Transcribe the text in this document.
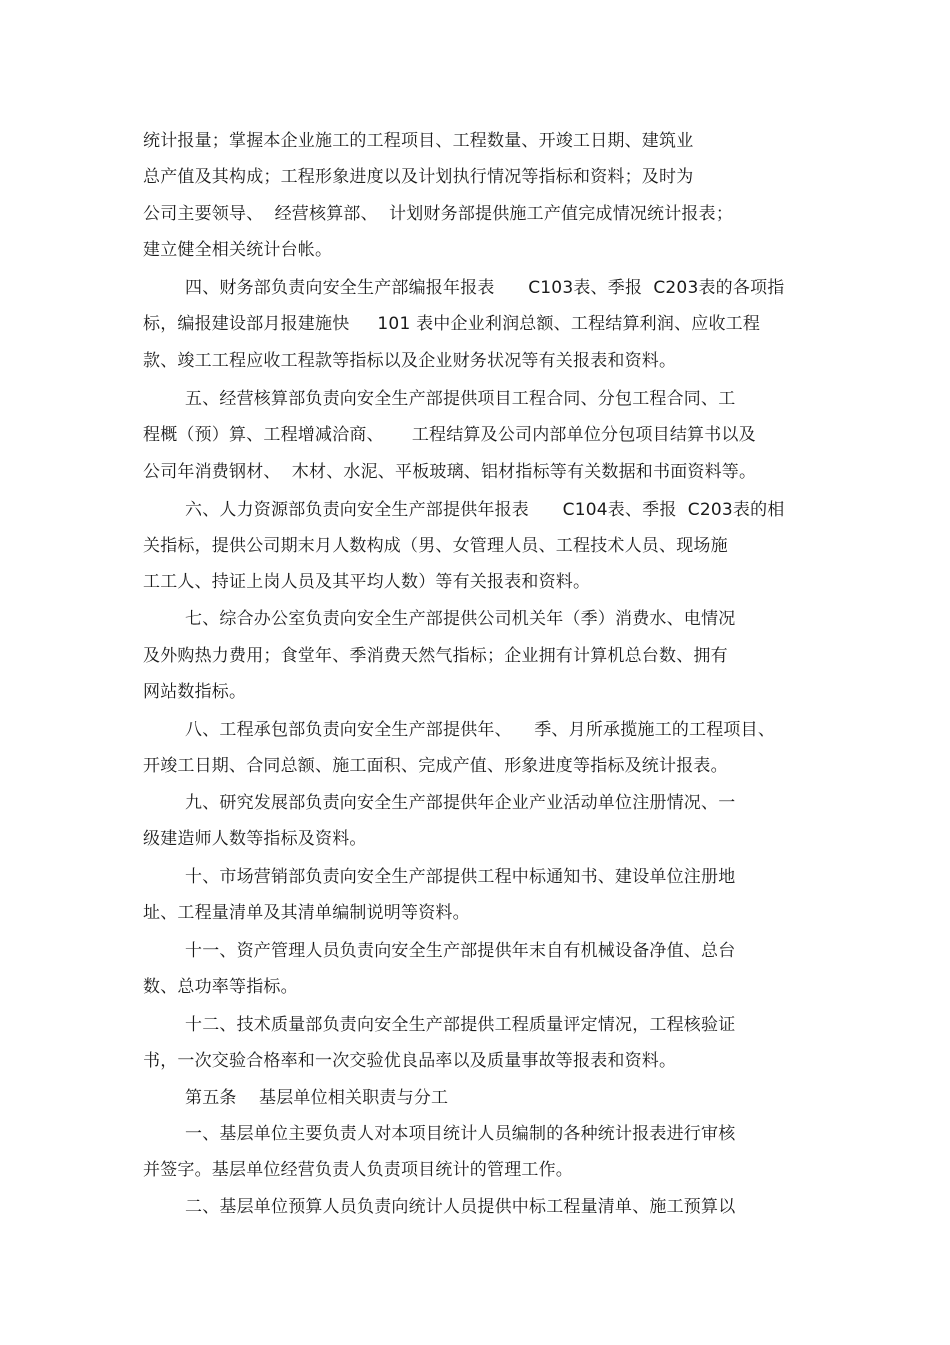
统计报量；掌握本企业施工的工程项目、工程数量、开竣工日期、建筑业
总产值及其构成；工程形象进度以及计划执行情况等指标和资料；及时为
公司主要领导、  经营核算部、  计划财务部提供施工产值完成情况统计报表；
建立健全相关统计台帐。
四、财务部负责向安全生产部编报年报表      C103表、季报  C203表的各项指
标，编报建设部月报建施快     101 表中企业利润总额、工程结算利润、应收工程
款、竣工工程应收工程款等指标以及企业财务状况等有关报表和资料。
五、经营核算部负责向安全生产部提供项目工程合同、分包工程合同、工
程概（预）算、工程增减洽商、     工程结算及公司内部单位分包项目结算书以及
公司年消费钢材、  木材、水泥、平板玻璃、铝材指标等有关数据和书面资料等。
六、人力资源部负责向安全生产部提供年报表      C104表、季报  C203表的相
关指标，提供公司期末月人数构成（男、女管理人员、工程技术人员、现场施
工工人、持证上岗人员及其平均人数）等有关报表和资料。
七、综合办公室负责向安全生产部提供公司机关年（季）消费水、电情况
及外购热力费用；食堂年、季消费天然气指标；企业拥有计算机总台数、拥有
网站数指标。
八、工程承包部负责向安全生产部提供年、    季、月所承揽施工的工程项目、
开竣工日期、合同总额、施工面积、完成产值、形象进度等指标及统计报表。
九、研究发展部负责向安全生产部提供年企业产业活动单位注册情况、一
级建造师人数等指标及资料。
十、市场营销部负责向安全生产部提供工程中标通知书、建设单位注册地
址、工程量清单及其清单编制说明等资料。
十一、资产管理人员负责向安全生产部提供年末自有机械设备净值、总台
数、总功率等指标。
十二、技术质量部负责向安全生产部提供工程质量评定情况，工程核验证
书，一次交验合格率和一次交验优良品率以及质量事故等报表和资料。
第五条    基层单位相关职责与分工
一、基层单位主要负责人对本项目统计人员编制的各种统计报表进行审核
并签字。基层单位经营负责人负责项目统计的管理工作。
二、基层单位预算人员负责向统计人员提供中标工程量清单、施工预算以
